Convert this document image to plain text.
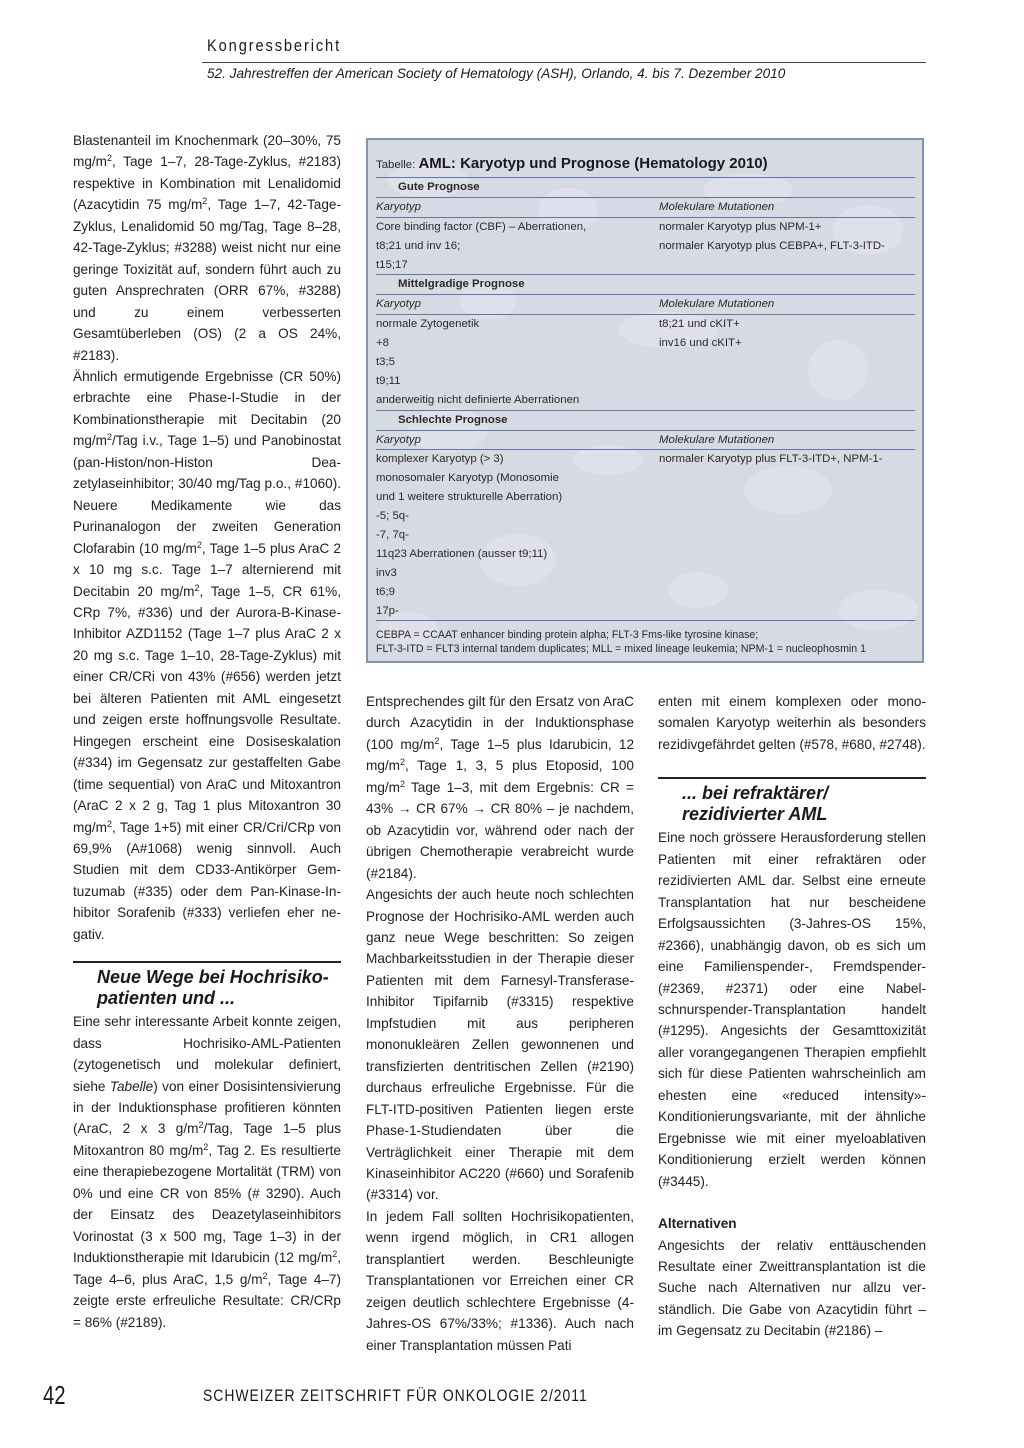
Kongressbericht
52. Jahrestreffen der American Society of Hematology (ASH), Orlando, 4. bis 7. Dezember 2010
Tabelle: AML: Karyotyp und Prognose (Hematology 2010)
Gute Prognose
Karyotyp	Molekulare Mutationen
Core binding factor (CBF) – Aberrationen,	normaler Karyotyp plus NPM-1+
t8;21 und inv 16;	normaler Karyotyp plus CEBPA+, FLT-3-ITD-
t15;17
Mittelgradige Prognose
Karyotyp	Molekulare Mutationen
normale Zytogenetik	t8;21 und cKIT+
+8	inv16 und cKIT+
t3;5
t9;11
anderweitig nicht definierte Aberrationen
Schlechte Prognose
Karyotyp	Molekulare Mutationen
komplexer Karyotyp (> 3)	normaler Karyotyp plus FLT-3-ITD+, NPM-1-
monosomaler Karyotyp (Monosomie
und 1 weitere strukturelle Aberration)
-5; 5q-
-7, 7q-
11q23 Aberrationen (ausser t9;11)
inv3
t6;9
17p-
CEBPA = CCAAT enhancer binding protein alpha; FLT-3 Fms-like tyrosine kinase;
FLT-3-ITD = FLT3 internal tandem duplicates; MLL = mixed lineage leukemia; NPM-1 = nucleophosmin 1

Blastenanteil im Knochenmark (20–30%, 75 $mg/m^2$, Tage 1–7, 28-Tage-Zyklus, #2183) respektive in Kombination mit Lenalidomid (Azacytidin 75 $mg/m^2$, Tage 1–7, 42-Tage-Zyklus, Lenalidomid 50 mg/Tag, Tage 8–28, 42-Tage-Zyklus; #3288) weist nicht nur eine geringe Toxizität auf, sondern führt auch zu guten Ansprechraten (ORR 67%, #3288) und zu einem verbesserten Gesamtüberleben (OS) (2 a OS 24%, #2183).

Ähnlich ermutigende Ergebnisse (CR 50%) erbrachte eine Phase-I-Studie in der Kombinationstherapie mit Decitabin (20 $mg/m^2$/Tag i.v., Tage 1–5) und Panobinostat (pan-Histon/non-Histon Deazetylaseinhibitor; 30/40 mg/Tag p.o., #1060). Neuere Medikamente wie das Purinanalogon der zweiten Generation Clofarabin (10 $mg/m^2$, Tage 1–5 plus AraC 2 x 10 mg s.c. Tage 1–7 alternierend mit Decitabin 20 $mg/m^2$, Tage 1–5, CR 61%, CRp 7%, #336) und der Aurora-B-Kinase-Inhibitor AZD1152 (Tage 1–7 plus AraC 2 x 20 mg s.c. Tage 1–10, 28-Tage-Zyklus) mit einer CR/CRi von 43% (#656) werden jetzt bei älteren Patienten mit AML eingesetzt und zeigen erste hoffnungsvolle Resultate. Hingegen erscheint eine Dosiseskalation (#334) im Gegensatz zur gestaffelten Gabe (time sequential) von AraC und Mitoxantron (AraC 2 x 2 g, Tag 1 plus Mitoxantron 30 $mg/m^2$, Tage 1+5) mit einer CR/Cri/CRp von 69,9% (A#1068) wenig sinnvoll. Auch Studien mit dem CD33-Antikörper Gemtuzumab (#335) oder dem Pan-Kinase-Inhibitor Sorafenib (#333) verliefen eher negativ.

Neue Wege bei Hochrisikopatienten und ...

Eine sehr interessante Arbeit konnte zeigen, dass Hochrisiko-AML-Patienten (zytogenetisch und molekular definiert, siehe Tabelle) von einer Dosisintensivierung in der Induktionsphase profitieren könnten (AraC, 2 x 3 $g/m^2$/Tag, Tage 1–5 plus Mitoxantron 80 $mg/m^2$, Tag 2. Es resultierte eine therapiebezogene Mortalität (TRM) von 0% und eine CR von 85% (# 3290). Auch der Einsatz des Deazetylaseinhibitors Vorinostat (3 x 500 mg, Tage 1–3) in der Induktionstherapie mit Idarubicin (12 $mg/m^2$, Tage 4–6, plus AraC, 1,5 $g/m^2$, Tage 4–7) zeigte erste erfreuliche Resultate: CR/CRp = 86% (#2189).

Entsprechendes gilt für den Ersatz von AraC durch Azacytidin in der Induktionsphase (100 $mg/m^2$, Tage 1–5 plus Idarubicin, 12 $mg/m^2$, Tage 1, 3, 5 plus Etoposid, 100 $mg/m^2$ Tage 1–3, mit dem Ergebnis: CR = 43% → CR 67% → CR 80% – je nachdem, ob Azacytidin vor, während oder nach der übrigen Chemotherapie verabreicht wurde (#2184).

Angesichts der auch heute noch schlechten Prognose der Hochrisiko-AML werden auch ganz neue Wege beschritten: So zeigen Machbarkeitsstudien in der Therapie dieser Patienten mit dem Farnesyl-Transferase-Inhibitor Tipifarnib (#3315) respektive Impfstudien mit aus peripheren mononukleären Zellen gewonnenen und transfizierten dentritischen Zellen (#2190) durchaus erfreuliche Ergebnisse. Für die FLT-ITD-positiven Patienten liegen erste Phase-1-Studiendaten über die Verträglichkeit einer Therapie mit dem Kinaseinhibitor AC220 (#660) und Sorafenib (#3314) vor.

In jedem Fall sollten Hochrisikopatienten, wenn irgend möglich, in CR1 allogen transplantiert werden. Beschleunigte Transplantationen vor Erreichen einer CR zeigen deutlich schlechtere Ergebnisse (4-Jahres-OS 67%/33%; #1336). Auch nach einer Transplantation müssen Pati

enten mit einem komplexen oder monosomalen Karyotyp weiterhin als besonders rezidivgefährdet gelten (#578, #680, #2748).

... bei refraktärer/ rezidivierter AML

Eine noch grössere Herausforderung stellen Patienten mit einer refraktären oder rezidivierten AML dar. Selbst eine erneute Transplantation hat nur bescheidene Erfolgsaussichten (3-Jahres-OS 15%, #2366), unabhängig davon, ob es sich um eine Familienspender-, Fremdspender- (#2369, #2371) oder eine Nabelschnurspender-Transplantation handelt (#1295). Angesichts der Gesamttoxizität aller vorangegangenen Therapien empfiehlt sich für diese Patienten wahrscheinlich am ehesten eine «reduced intensity»-Konditionierungsvariante, mit der ähnliche Ergebnisse wie mit einer myeloablativen Konditionierung erzielt werden können (#3445).

Alternativen

Angesichts der relativ enttäuschenden Resultate einer Zweittransplantation ist die Suche nach Alternativen nur allzu verständlich. Die Gabe von Azacytidin führt – im Gegensatz zu Decitabin (#2186) –

42	SCHWEIZER ZEITSCHRIFT FÜR ONKOLOGIE 2/2011
